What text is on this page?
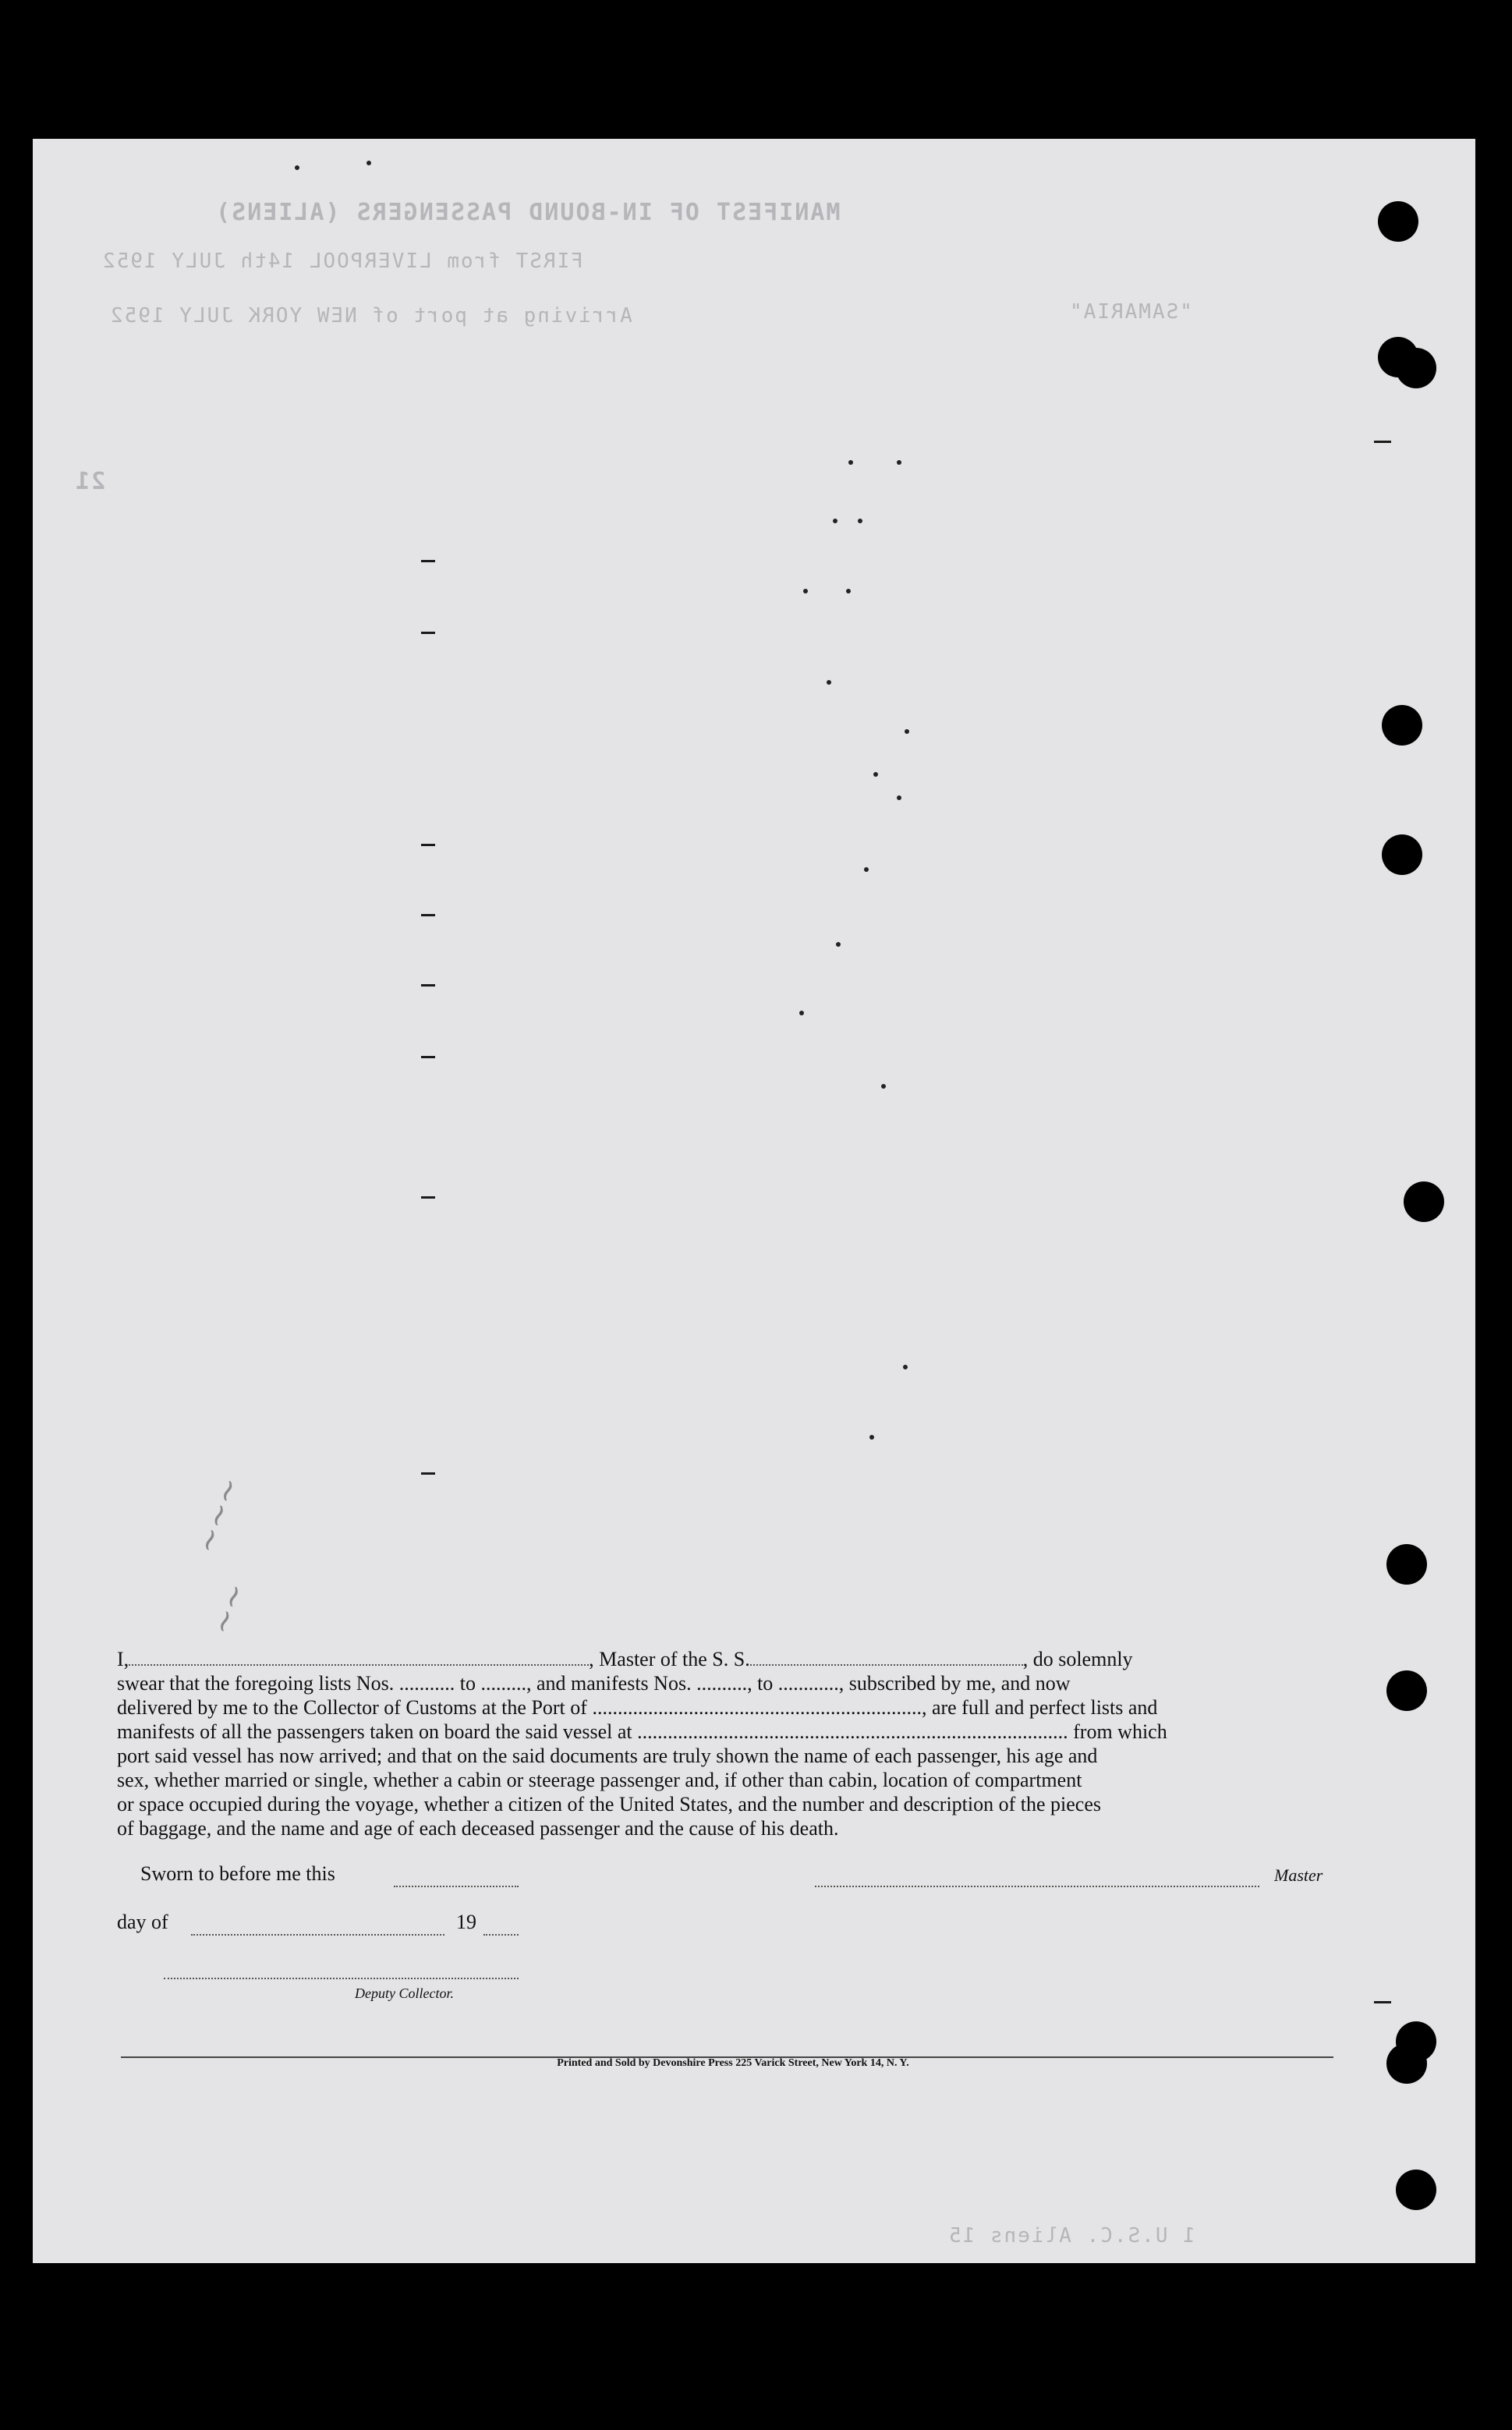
MANIFEST OF IN-BOUND PASSENGERS (ALIENS)
FIRST from LIVERPOOL 14th JULY 1952
Arriving at port of NEW YORK JULY 1952	"SAMARIA"
21
1 U.S.C. Aliens 15
~~~
~~

I,	, Master of the S. S.	, do solemnly

swear that the foregoing lists Nos. ........... to ........., and manifests Nos. .........., to ............, subscribed by me, and now

delivered by me to the Collector of Customs at the Port of ................................................................., are full and perfect lists and

manifests of all the passengers taken on board the said vessel at ..................................................................................... from which

port said vessel has now arrived; and that on the said documents are truly shown the name of each passenger, his age and

sex, whether married or single, whether a cabin or steerage passenger and, if other than cabin, location of compartment

or space occupied during the voyage, whether a citizen of the United States, and the number and description of the pieces

of baggage, and the name and age of each deceased passenger and the cause of his death.

Sworn to before me this	Master
day of	19
Deputy Collector.
Printed and Sold by Devonshire Press 225 Varick Street, New York 14, N. Y.
